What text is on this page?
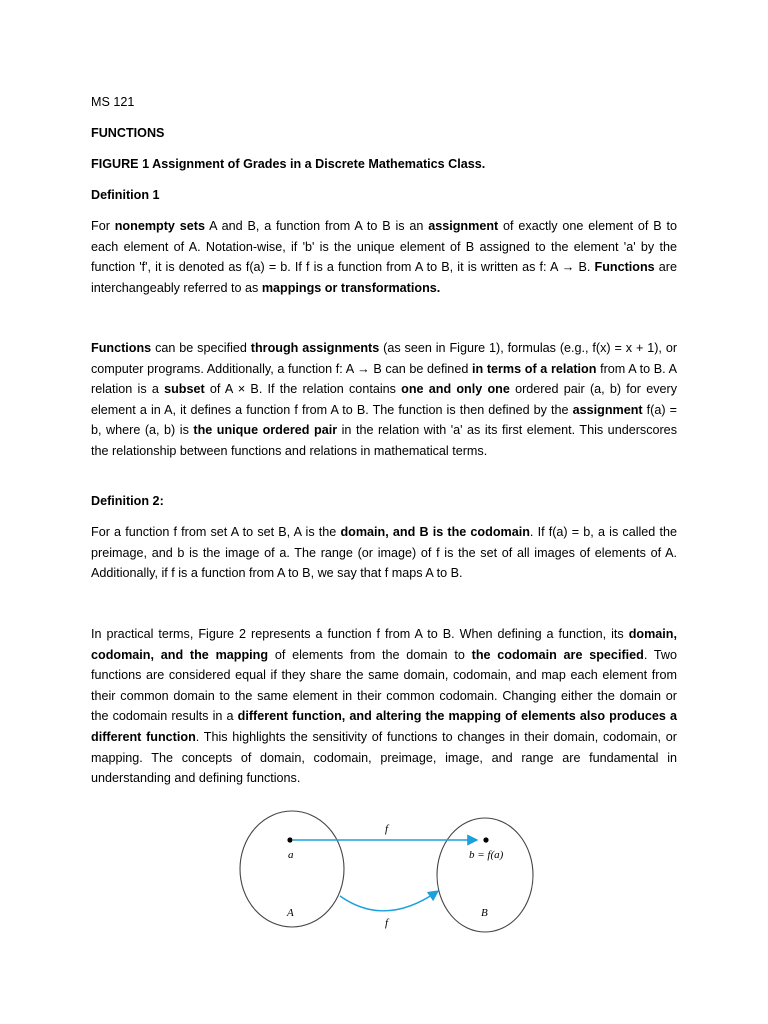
MS 121

FUNCTIONS

FIGURE 1 Assignment of Grades in a Discrete Mathematics Class.

Definition 1

For nonempty sets A and B, a function from A to B is an assignment of exactly one element of B to each element of A. Notation-wise, if 'b' is the unique element of B assigned to the element 'a' by the function 'f', it is denoted as f(a) = b. If f is a function from A to B, it is written as f: A → B. Functions are interchangeably referred to as mappings or transformations.

Functions can be specified through assignments (as seen in Figure 1), formulas (e.g., f(x) = x + 1), or computer programs. Additionally, a function f: A → B can be defined in terms of a relation from A to B. A relation is a subset of A × B. If the relation contains one and only one ordered pair (a, b) for every element a in A, it defines a function f from A to B. The function is then defined by the assignment f(a) = b, where (a, b) is the unique ordered pair in the relation with 'a' as its first element. This underscores the relationship between functions and relations in mathematical terms.

Definition 2:

For a function f from set A to set B, A is the domain, and B is the codomain. If f(a) = b, a is called the preimage, and b is the image of a. The range (or image) of f is the set of all images of elements of A. Additionally, if f is a function from A to B, we say that f maps A to B.

In practical terms, Figure 2 represents a function f from A to B. When defining a function, its domain, codomain, and the mapping of elements from the domain to the codomain are specified. Two functions are considered equal if they share the same domain, codomain, and map each element from their common domain to the same element in their common codomain. Changing either the domain or the codomain results in a different function, and altering the mapping of elements also produces a different function. This highlights the sensitivity of functions to changes in their domain, codomain, or mapping. The concepts of domain, codomain, preimage, image, and range are fundamental in understanding and defining functions.

a	b = f(a)
f
f
A	B
